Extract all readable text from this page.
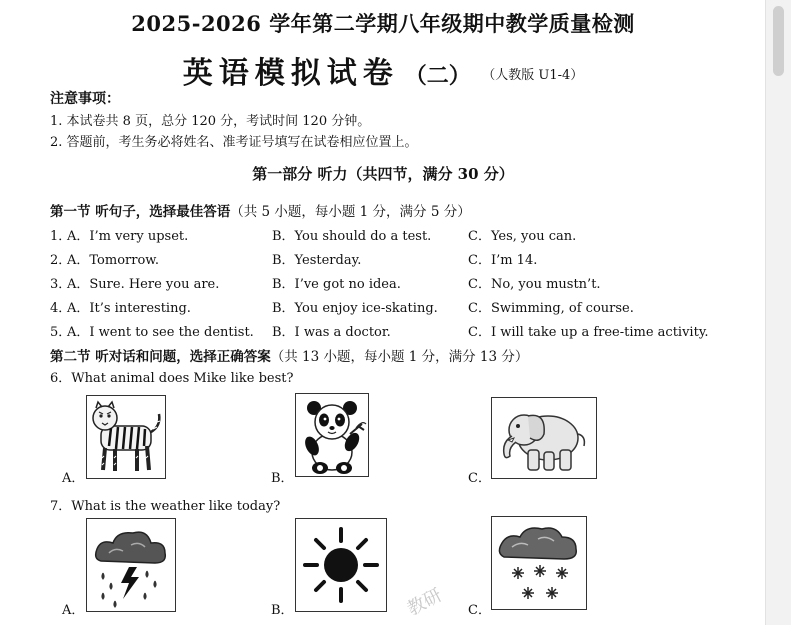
2025-2026 学年第二学期八年级期中教学质量检测
英语模拟试卷 （二） $^{(人教版 U1-4)}$
注意事项：
1. 本试卷共 8 页，总分 120 分，考试时间 120 分钟。
2. 答题前，考生务必将姓名、准考证号填写在试卷相应位置上。
第一部分 听力（共四节，满分 30 分）
第一节 听句子，选择最佳答语（共 5 小题，每小题 1 分，满分 5 分）
1．
A．I’m very upset.	B．You should do a test.	C．Yes, you can.
2．
A．Tomorrow.	B．Yesterday.	C．I’m 14.
3．
A．Sure. Here you are.	B．I’ve got no idea.	C．No, you mustn’t.
4．
A．It’s interesting.	B．You enjoy ice-skating. C．Swimming, of course.
5．
A．I went to see the dentist. B．I was a doctor.	C．I will take up a free-time activity.
第二节 听对话和问题，选择正确答案（共 13 小题，每小题 1 分，满分 13 分）
6．What animal does Mike like best?
A．	B．	C．
7．What is the weather like today?
A．	B．	C．
教研
